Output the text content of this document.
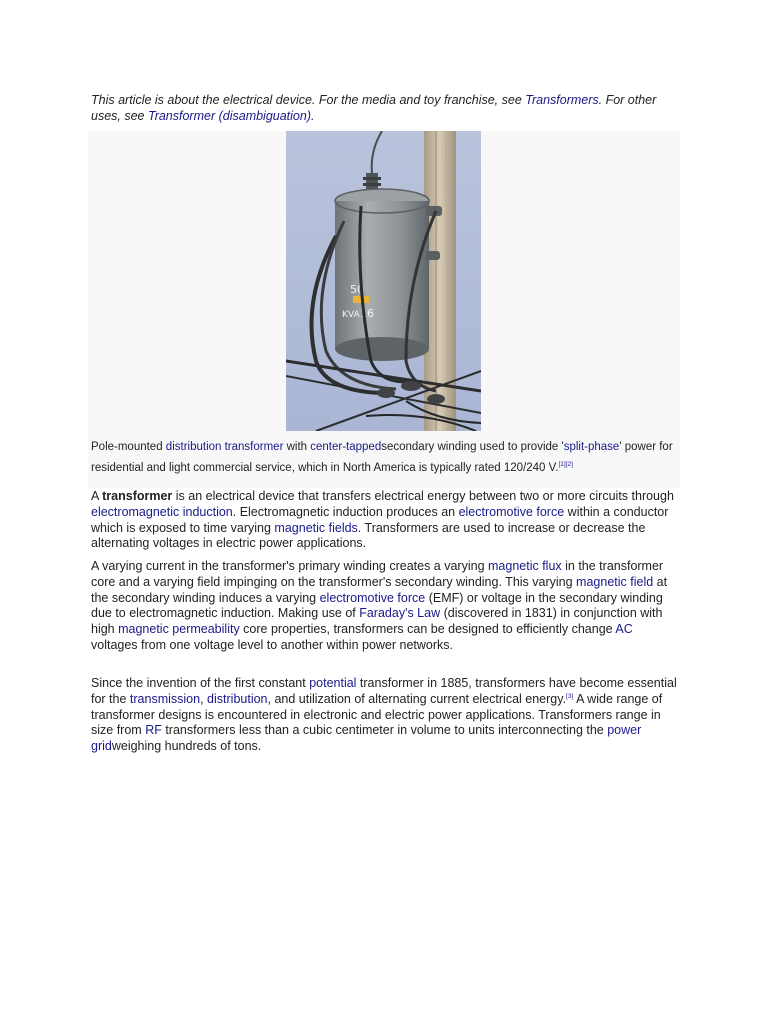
This article is about the electrical device. For the media and toy franchise, see Transformers. For other uses, see Transformer (disambiguation).
50
KVA 16
Pole-mounted distribution transformer with center-tappedsecondary winding used to provide 'split-phase' power for residential and light commercial service, which in North America is typically rated 120/240 V.[1][2]

A transformer is an electrical device that transfers electrical energy between two or more circuits through electromagnetic induction. Electromagnetic induction produces an electromotive force within a conductor which is exposed to time varying magnetic fields. Transformers are used to increase or decrease the alternating voltages in electric power applications.

A varying current in the transformer's primary winding creates a varying magnetic flux in the transformer core and a varying field impinging on the transformer's secondary winding. This varying magnetic field at the secondary winding induces a varying electromotive force (EMF) or voltage in the secondary winding due to electromagnetic induction. Making use of Faraday's Law (discovered in 1831) in conjunction with high magnetic permeability core properties, transformers can be designed to efficiently change AC voltages from one voltage level to another within power networks.

Since the invention of the first constant potential transformer in 1885, transformers have become essential for the transmission, distribution, and utilization of alternating current electrical energy.[3] A wide range of transformer designs is encountered in electronic and electric power applications. Transformers range in size from RF transformers less than a cubic centimeter in volume to units interconnecting the power gridweighing hundreds of tons.
